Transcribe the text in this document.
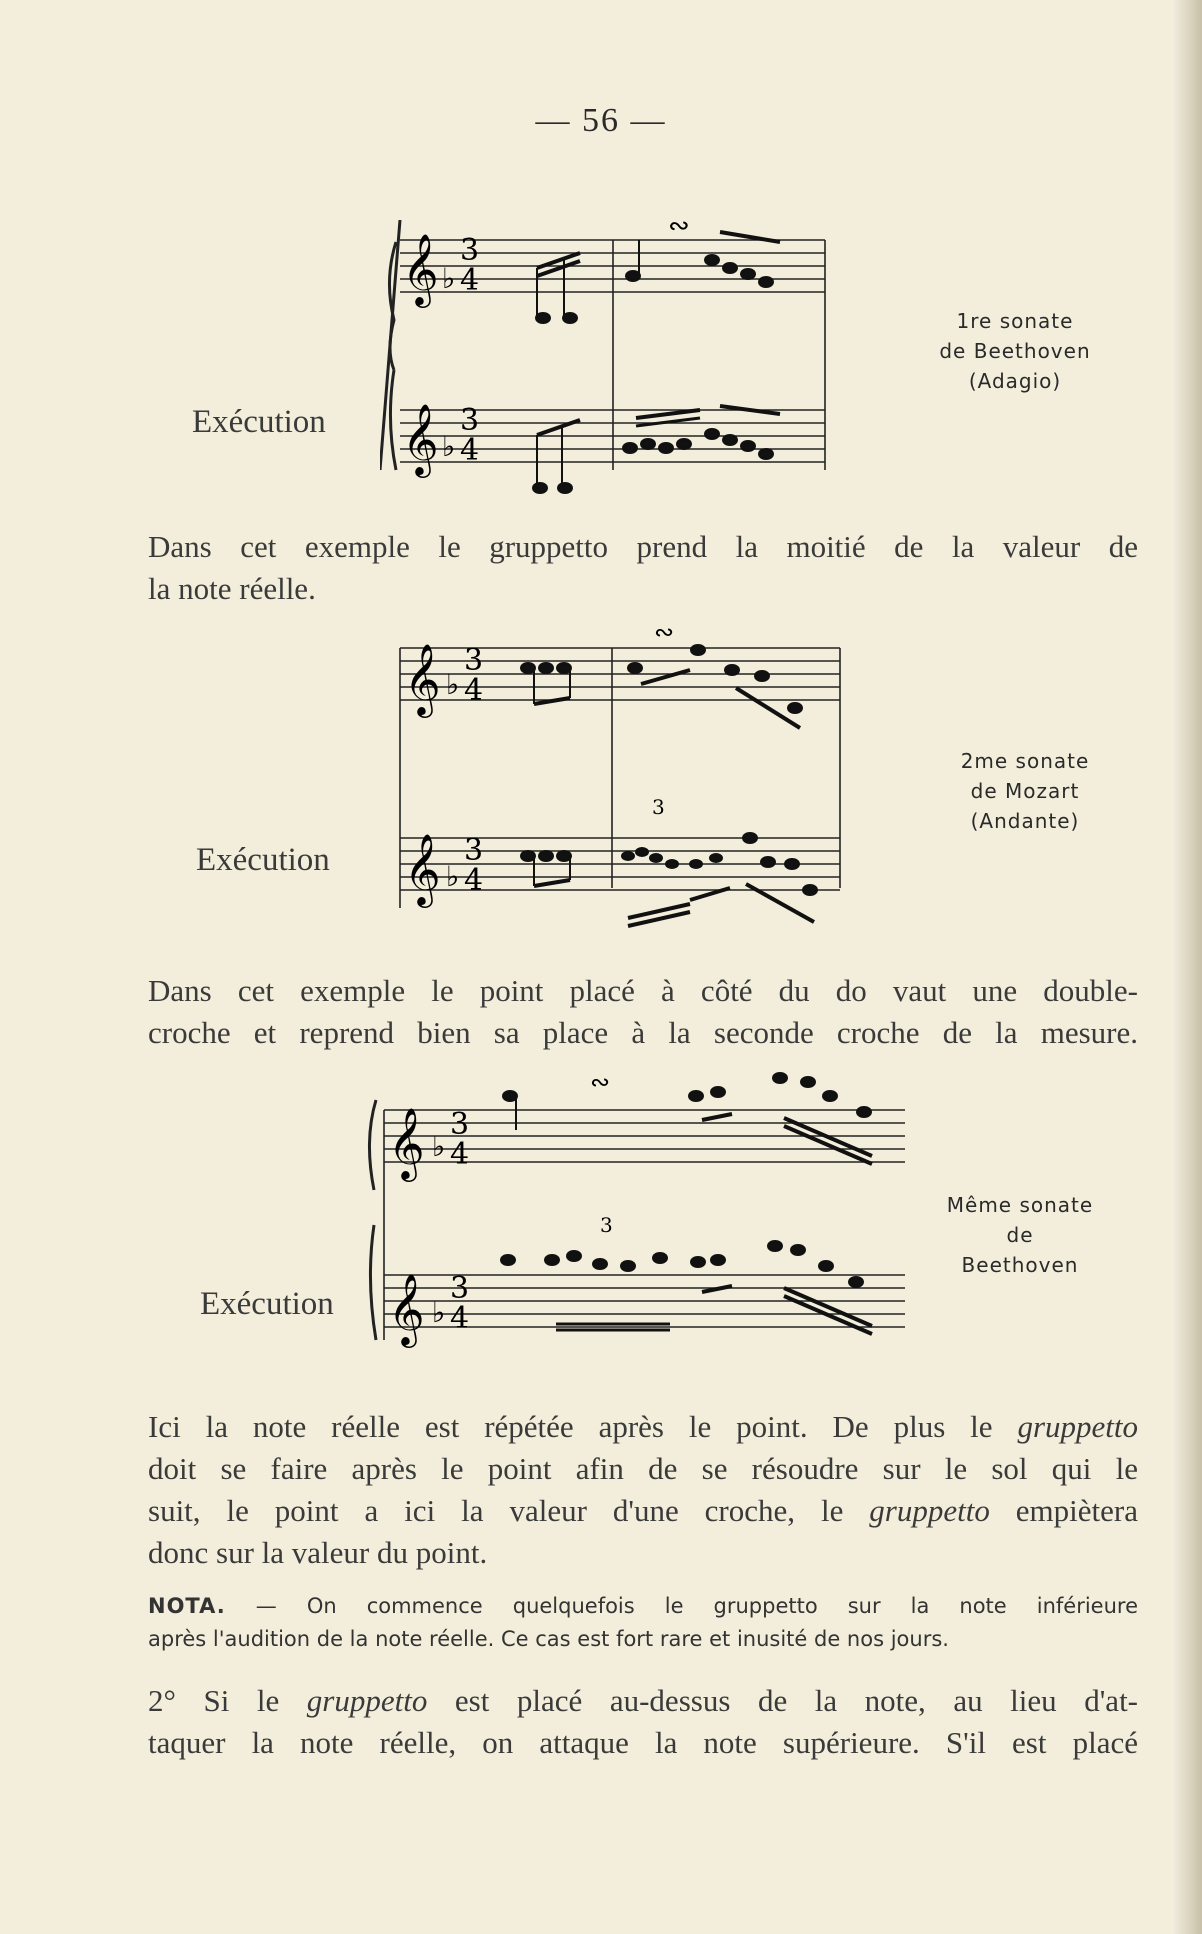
— 56 —
𝄞
𝄞
♭
♭
3
4
3
4
∾
Exécution
1re sonate
de Beethoven
(Adagio)
Dans cet exemple le gruppetto prend la moitié de la valeur de
la note réelle.
𝄞
𝄞
♭
♭
3
4
3
4
∾
3
Exécution
2me sonate
de Mozart
(Andante)
Dans cet exemple le point placé à côté du do vaut une double-
croche et reprend bien sa place à la seconde croche de la mesure.
𝄞
𝄞
♭
♭
3
4
3
4
∾
3
Exécution
Même sonate
de
Beethoven
Ici la note réelle est répétée après le point. De plus le gruppetto
doit se faire après le point afin de se résoudre sur le sol qui le
suit, le point a ici la valeur d'une croche, le gruppetto empiètera
donc sur la valeur du point.
NOTA. — On commence quelquefois le gruppetto sur la note inférieure
après l'audition de la note réelle. Ce cas est fort rare et inusité de nos jours.
2° Si le gruppetto est placé au-dessus de la note, au lieu d'at-
taquer la note réelle, on attaque la note supérieure. S'il est placé
